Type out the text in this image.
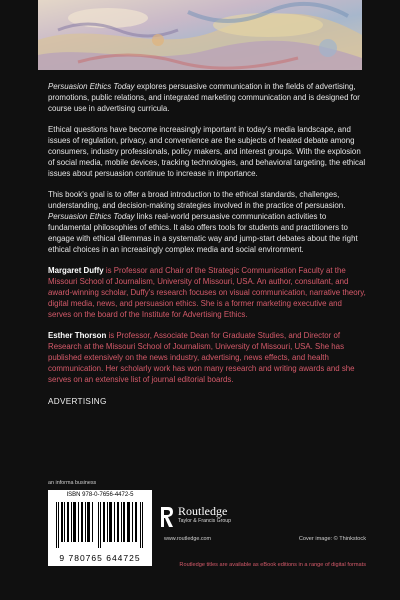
Persuasion Ethics Today explores persuasive communication in the fields of advertising, promotions, public relations, and integrated marketing communication and is designed for course use in advertising curricula.

Ethical questions have become increasingly important in today's media landscape, and issues of regulation, privacy, and convenience are the subjects of heated debate among consumers, industry professionals, policy makers, and interest groups. With the explosion of social media, mobile devices, tracking technologies, and behavioral targeting, the ethical issues about persuasion continue to increase in importance.

This book's goal is to offer a broad introduction to the ethical standards, challenges, understanding, and decision-making strategies involved in the practice of persuasion. Persuasion Ethics Today links real-world persuasive communication activities to fundamental philosophies of ethics. It also offers tools for students and practitioners to engage with ethical dilemmas in a systematic way and jump-start debates about the right ethical choices in an increasingly complex media and social environment.

Margaret Duffy is Professor and Chair of the Strategic Communication Faculty at the Missouri School of Journalism, University of Missouri, USA. An author, consultant, and award-winning scholar, Duffy's research focuses on visual communication, narrative theory, digital media, news, and persuasion ethics. She is a former marketing executive and serves on the board of the Institute for Advertising Ethics.

Esther Thorson is Professor, Associate Dean for Graduate Studies, and Director of Research at the Missouri School of Journalism, University of Missouri, USA. She has published extensively on the news industry, advertising, news effects, and health communication. Her scholarly work has won many research and writing awards and she serves on an extensive list of journal editorial boards.

ADVERTISING
an informa business
ISBN 978-0-7656-4472-5
9 780765 644725
Routledge
Taylor & Francis Group
www.routledge.com	Cover image: © Thinkstock
Routledge titles are available as eBook editions in a range of digital formats
